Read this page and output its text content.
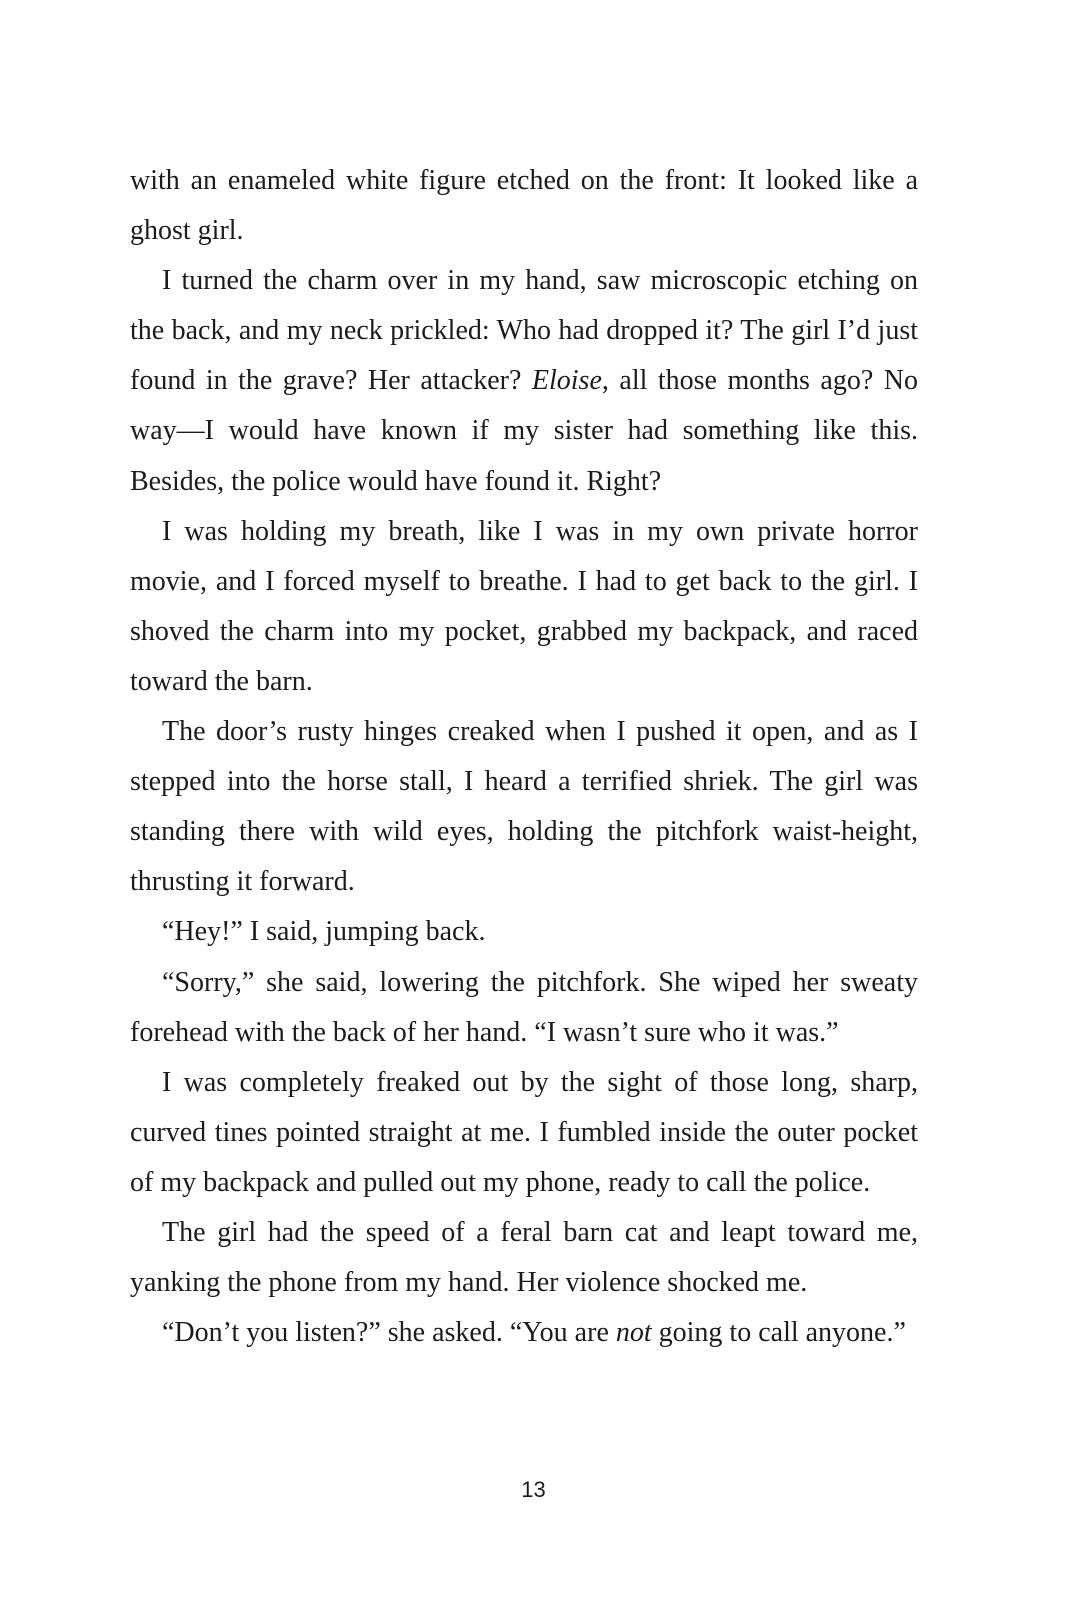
with an enameled white figure etched on the front: It looked like a ghost girl.

I turned the charm over in my hand, saw microscopic etching on the back, and my neck prickled: Who had dropped it? The girl I’d just found in the grave? Her attacker? Eloise, all those months ago? No way—I would have known if my sister had something like this. Besides, the police would have found it. Right?

I was holding my breath, like I was in my own private horror movie, and I forced myself to breathe. I had to get back to the girl. I shoved the charm into my pocket, grabbed my backpack, and raced toward the barn.

The door’s rusty hinges creaked when I pushed it open, and as I stepped into the horse stall, I heard a terrified shriek. The girl was standing there with wild eyes, holding the pitchfork waist-height, thrusting it forward.

“Hey!” I said, jumping back.

“Sorry,” she said, lowering the pitchfork. She wiped her sweaty forehead with the back of her hand. “I wasn’t sure who it was.”

I was completely freaked out by the sight of those long, sharp, curved tines pointed straight at me. I fumbled inside the outer pocket of my backpack and pulled out my phone, ready to call the police.

The girl had the speed of a feral barn cat and leapt toward me, yanking the phone from my hand. Her violence shocked me.

“Don’t you listen?” she asked. “You are not going to call anyone.”

13
